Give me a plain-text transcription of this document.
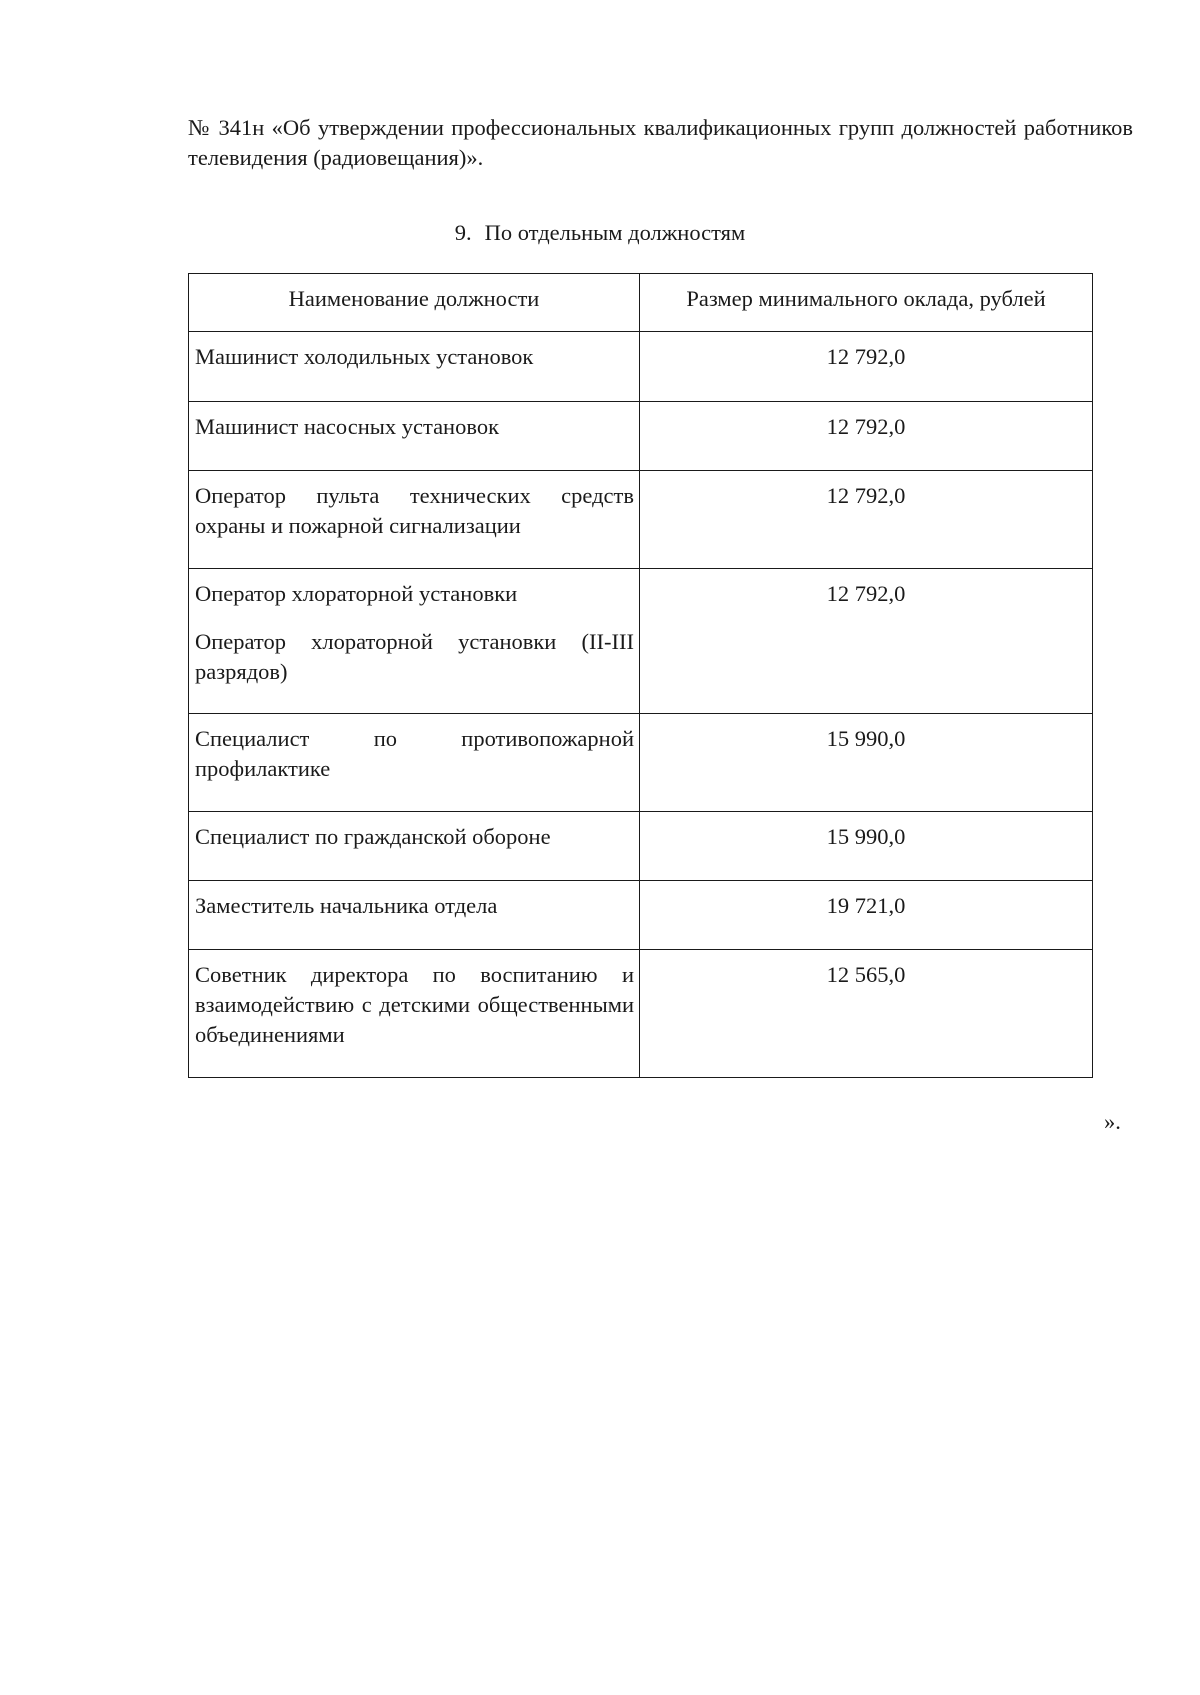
№ 341н «Об утверждении профессиональных квалификационных групп должностей работников телевидения (радиовещания)».

9. По отдельным должностям
Наименование должности	Размер минимального оклада, рублей

Машинист холодильных установок	12 792,0

Машинист насосных установок	12 792,0

Оператор пульта технических средств охраны и пожарной сигнализации	12 792,0

Оператор хлораторной установки
Оператор хлораторной установки (II-III разрядов)	12 792,0

Специалист по противопожарной профилактике	15 990,0

Специалист по гражданской обороне	15 990,0

Заместитель начальника отдела	19 721,0

Советник директора по воспитанию и взаимодействию с детскими общественными объединениями	12 565,0

».
